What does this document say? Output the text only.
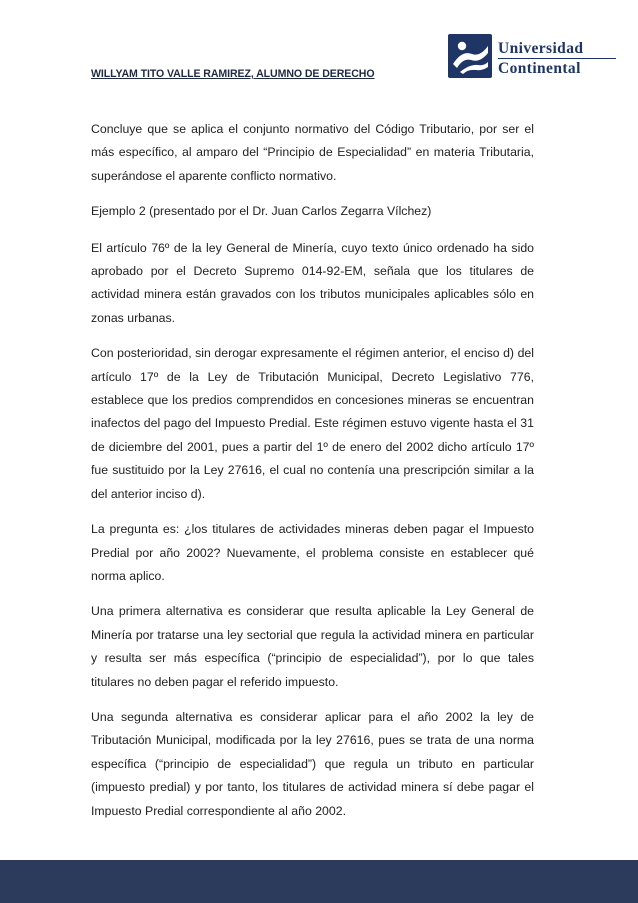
WILLYAM TITO VALLE RAMIREZ, ALUMNO DE DERECHO
Universidad
Continental

Concluye que se aplica el conjunto normativo del Código Tributario, por ser el más específico, al amparo del “Principio de Especialidad” en materia Tributaria, superándose el aparente conflicto normativo.

Ejemplo 2 (presentado por el Dr. Juan Carlos Zegarra Vílchez)

El artículo 76º de la ley General de Minería, cuyo texto único ordenado ha sido aprobado por el Decreto Supremo 014-92-EM, señala que los titulares de actividad minera están gravados con los tributos municipales aplicables sólo en zonas urbanas.

Con posterioridad, sin derogar expresamente el régimen anterior, el enciso d) del artículo 17º de la Ley de Tributación Municipal, Decreto Legislativo 776, establece que los predios comprendidos en concesiones mineras se encuentran inafectos del pago del Impuesto Predial. Este régimen estuvo vigente hasta el 31 de diciembre del 2001, pues a partir del 1º de enero del 2002 dicho artículo 17º fue sustituido por la Ley 27616, el cual no contenía una prescripción similar a la del anterior inciso d).

La pregunta es: ¿los titulares de actividades mineras deben pagar el Impuesto Predial por año 2002? Nuevamente, el problema consiste en establecer qué norma aplico.

Una primera alternativa es considerar que resulta aplicable la Ley General de Minería por tratarse una ley sectorial que regula la actividad minera en particular y resulta ser más específica (“principio de especialidad”), por lo que tales titulares no deben pagar el referido impuesto.

Una segunda alternativa es considerar aplicar para el año 2002 la ley de Tributación Municipal, modificada por la ley 27616, pues se trata de una norma específica (“principio de especialidad”) que regula un tributo en particular (impuesto predial) y por tanto, los titulares de actividad minera sí debe pagar el Impuesto Predial correspondiente al año 2002.
